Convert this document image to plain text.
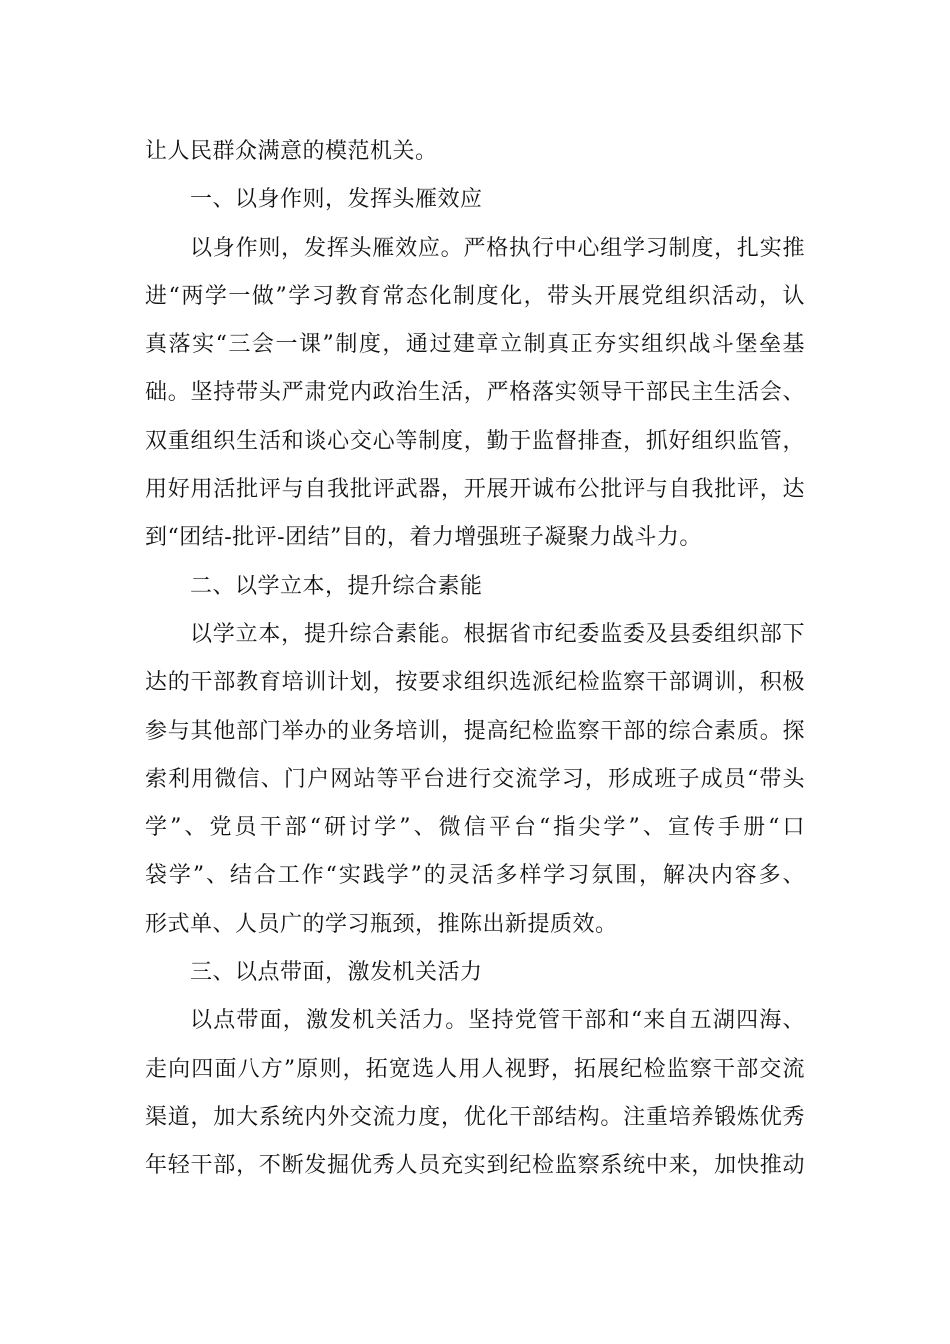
让人民群众满意的模范机关。
一、以身作则，发挥头雁效应
以身作则，发挥头雁效应。严格执行中心组学习制度，扎实推
进“两学一做”学习教育常态化制度化，带头开展党组织活动，认
真落实“三会一课”制度，通过建章立制真正夯实组织战斗堡垒基
础。坚持带头严肃党内政治生活，严格落实领导干部民主生活会、
双重组织生活和谈心交心等制度，勤于监督排查，抓好组织监管，
用好用活批评与自我批评武器，开展开诚布公批评与自我批评，达
到“团结-批评-团结”目的，着力增强班子凝聚力战斗力。
二、以学立本，提升综合素能
以学立本，提升综合素能。根据省市纪委监委及县委组织部下
达的干部教育培训计划，按要求组织选派纪检监察干部调训，积极
参与其他部门举办的业务培训，提高纪检监察干部的综合素质。探
索利用微信、门户网站等平台进行交流学习，形成班子成员“带头
学”、党员干部“研讨学”、微信平台“指尖学”、宣传手册“口
袋学”、结合工作“实践学”的灵活多样学习氛围，解决内容多、
形式单、人员广的学习瓶颈，推陈出新提质效。
三、以点带面，激发机关活力
以点带面，激发机关活力。坚持党管干部和“来自五湖四海、
走向四面八方”原则，拓宽选人用人视野，拓展纪检监察干部交流
渠道，加大系统内外交流力度，优化干部结构。注重培养锻炼优秀
年轻干部，不断发掘优秀人员充实到纪检监察系统中来，加快推动
